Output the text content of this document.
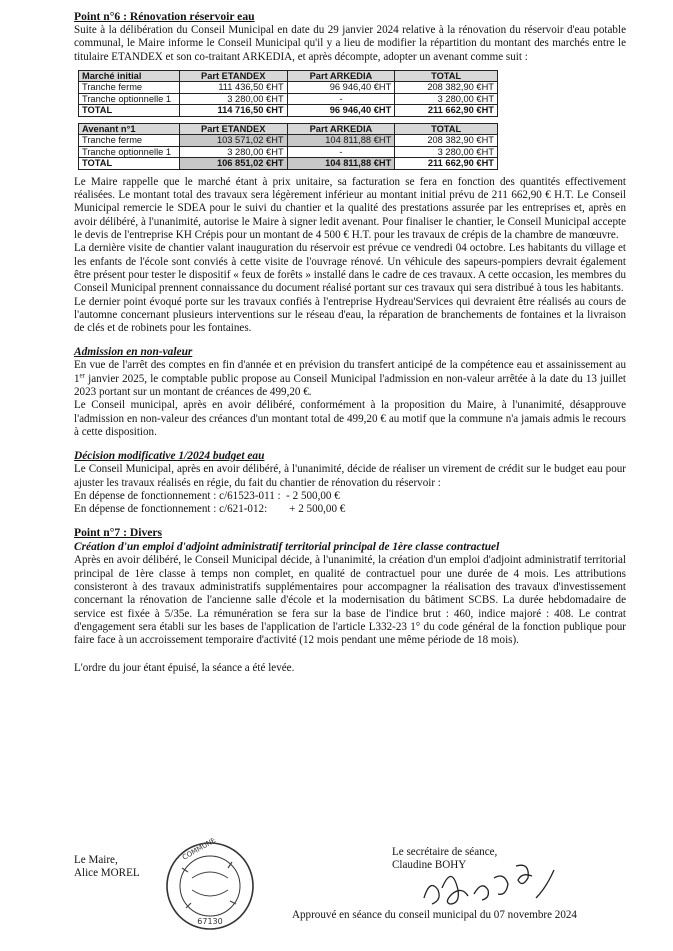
Point n°6 : Rénovation réservoir eau

Suite à la délibération du Conseil Municipal en date du 29 janvier 2024 relative à la rénovation du réservoir d'eau potable communal, le Maire informe le Conseil Municipal qu'il y a lieu de modifier la répartition du montant des marchés entre le titulaire ETANDEX et son co-traitant ARKEDIA, et après décompte, adopter un avenant comme suit :

Marché initial	Part ETANDEX	Part ARKEDIA	TOTAL
Tranche ferme	111 436,50 €HT	96 946,40 €HT	208 382,90 €HT
Tranche optionnelle 1	3 280,00 €HT	-	3 280,00 €HT
TOTAL	114 716,50 €HT	96 946,40 €HT	211 662,90 €HT
Avenant n°1	Part ETANDEX	Part ARKEDIA	TOTAL
Tranche ferme	103 571,02 €HT	104 811,88 €HT	208 382,90 €HT
Tranche optionnelle 1	3 280,00 €HT	-	3 280,00 €HT
TOTAL	106 851,02 €HT	104 811,88 €HT	211 662,90 €HT

Le Maire rappelle que le marché étant à prix unitaire, sa facturation se fera en fonction des quantités effectivement réalisées. Le montant total des travaux sera légèrement inférieur au montant initial prévu de 211 662,90 € H.T. Le Conseil Municipal remercie le SDEA pour le suivi du chantier et la qualité des prestations assurée par les entreprises et, après en avoir délibéré, à l'unanimité, autorise le Maire à signer ledit avenant. Pour finaliser le chantier, le Conseil Municipal accepte le devis de l'entreprise KH Crépis pour un montant de 4 500 € H.T. pour les travaux de crépis de la chambre de manœuvre.

La dernière visite de chantier valant inauguration du réservoir est prévue ce vendredi 04 octobre. Les habitants du village et les enfants de l'école sont conviés à cette visite de l'ouvrage rénové. Un véhicule des sapeurs-pompiers devrait également être présent pour tester le dispositif « feux de forêts » installé dans le cadre de ces travaux. A cette occasion, les membres du Conseil Municipal prennent connaissance du document réalisé portant sur ces travaux qui sera distribué à tous les habitants.

Le dernier point évoqué porte sur les travaux confiés à l'entreprise Hydreau'Services qui devraient être réalisés au cours de l'automne concernant plusieurs interventions sur le réseau d'eau, la réparation de branchements de fontaines et la livraison de clés et de robinets pour les fontaines.

Admission en non-valeur

En vue de l'arrêt des comptes en fin d'année et en prévision du transfert anticipé de la compétence eau et assainissement au 1er janvier 2025, le comptable public propose au Conseil Municipal l'admission en non-valeur arrêtée à la date du 13 juillet 2023 portant sur un montant de créances de 499,20 €.

Le Conseil municipal, après en avoir délibéré, conformément à la proposition du Maire, à l'unanimité, désapprouve l'admission en non-valeur des créances d'un montant total de 499,20 € au motif que la commune n'a jamais admis le recours à cette disposition.

Décision modificative 1/2024 budget eau

Le Conseil Municipal, après en avoir délibéré, à l'unanimité, décide de réaliser un virement de crédit sur le budget eau pour ajuster les travaux réalisés en régie, du fait du chantier de rénovation du réservoir :

En dépense de fonctionnement : c/61523-011 : - 2 500,00 €

En dépense de fonctionnement : c/621-012: + 2 500,00 €

Point n°7 : Divers
Création d'un emploi d'adjoint administratif territorial principal de 1ère classe contractuel

Après en avoir délibéré, le Conseil Municipal décide, à l'unanimité, la création d'un emploi d'adjoint administratif territorial principal de 1ère classe à temps non complet, en qualité de contractuel pour une durée de 4 mois. Les attributions consisteront à des travaux administratifs supplémentaires pour accompagner la réalisation des travaux d'investissement concernant la rénovation de l'ancienne salle d'école et la modernisation du bâtiment SCBS. La durée hebdomadaire de service est fixée à 5/35e. La rémunération se fera sur la base de l'indice brut : 460, indice majoré : 408. Le contrat d'engagement sera établi sur les bases de l'application de l'article L332-23 1° du code général de la fonction publique pour faire face à un accroissement temporaire d'activité (12 mois pendant une même période de 18 mois).

L'ordre du jour étant épuisé, la séance a été levée.

Le Maire,
Alice MOREL
67130
COMMUNE	Le secrétaire de séance,
Claudine BOHY
Approuvé en séance du conseil municipal du 07 novembre 2024
